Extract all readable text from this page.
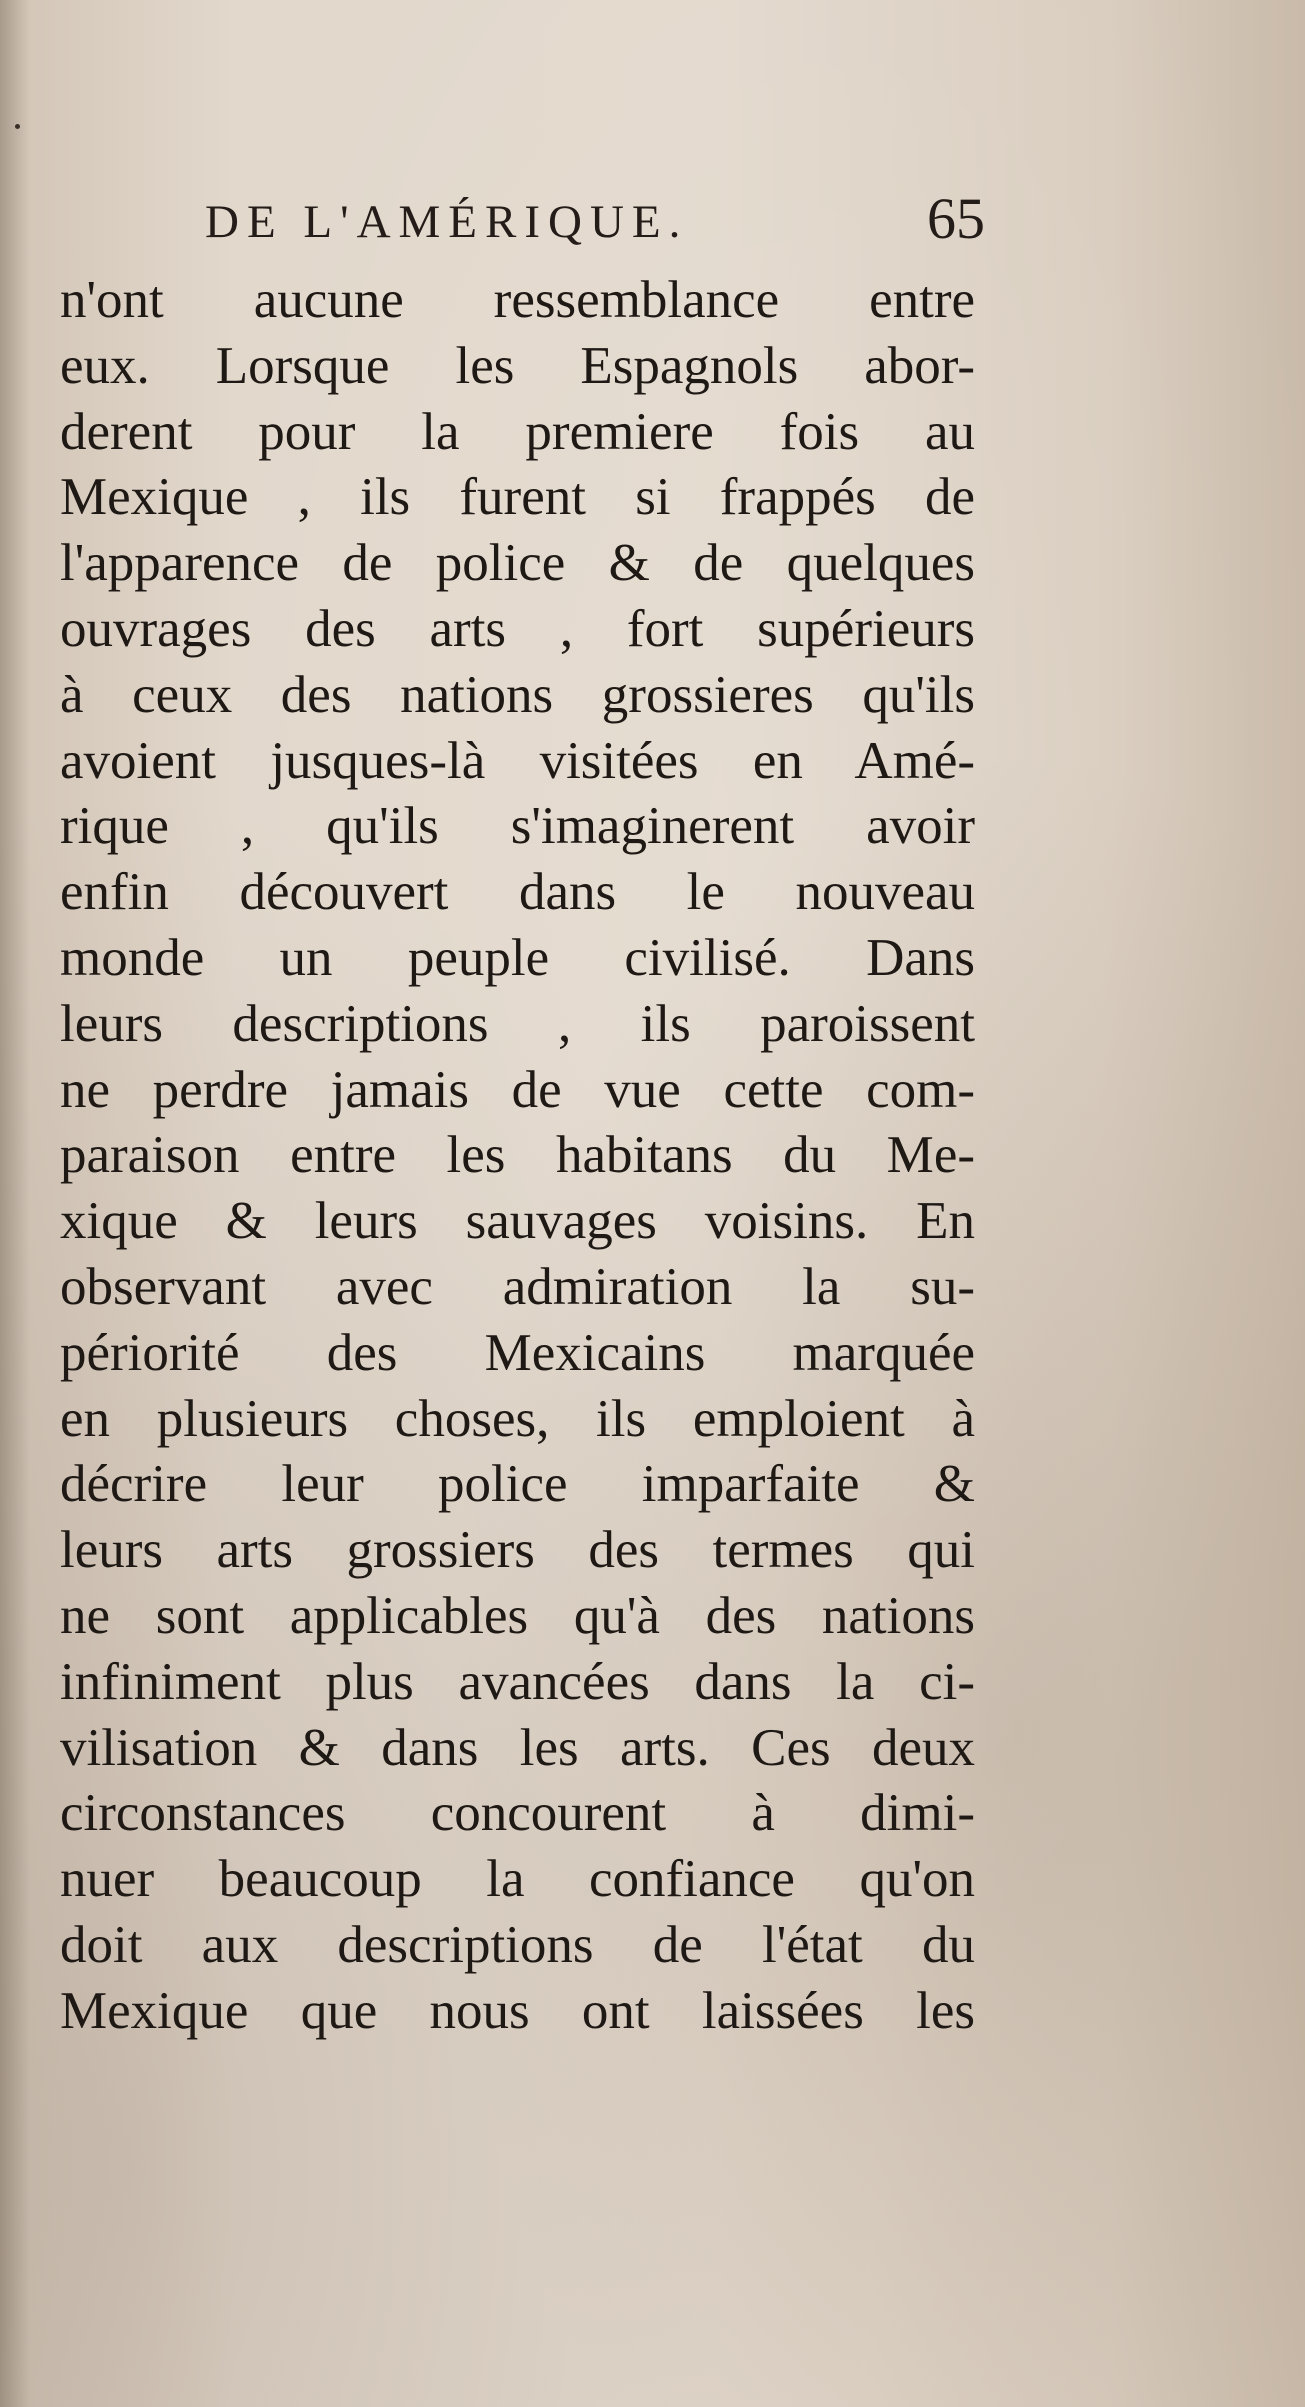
DE L'AMÉRIQUE.	65
n'ont aucune ressemblance entre
eux. Lorsque les Espagnols abor-
derent pour la premiere fois au
Mexique , ils furent si frappés de
l'apparence de police & de quelques
ouvrages des arts , fort supérieurs
à ceux des nations grossieres qu'ils
avoient jusques-là visitées en Amé-
rique , qu'ils s'imaginerent avoir
enfin découvert dans le nouveau
monde un peuple civilisé. Dans
leurs descriptions , ils paroissent
ne perdre jamais de vue cette com-
paraison entre les habitans du Me-
xique & leurs sauvages voisins. En
observant avec admiration la su-
périorité des Mexicains marquée
en plusieurs choses, ils emploient à
décrire leur police imparfaite &
leurs arts grossiers des termes qui
ne sont applicables qu'à des nations
infiniment plus avancées dans la ci-
vilisation & dans les arts. Ces deux
circonstances concourent à dimi-
nuer beaucoup la confiance qu'on
doit aux descriptions de l'état du
Mexique que nous ont laissées les
